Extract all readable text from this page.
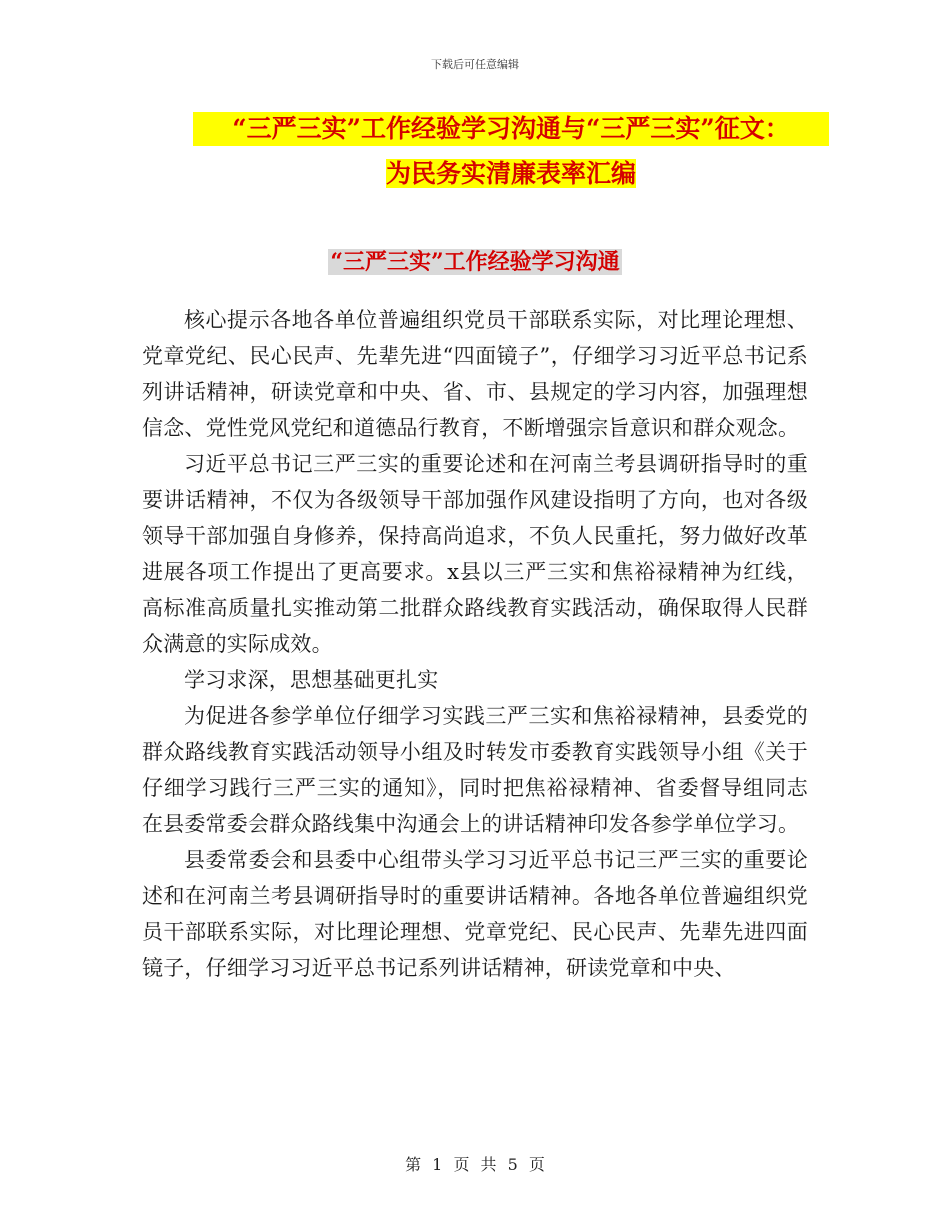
下载后可任意编辑
“三严三实”工作经验学习沟通与“三严三实”征文：
为民务实清廉表率汇编
“三严三实”工作经验学习沟通

核心提示各地各单位普遍组织党员干部联系实际，对比理论理想、党章党纪、民心民声、先辈先进“四面镜子”，仔细学习习近平总书记系列讲话精神，研读党章和中央、省、市、县规定的学习内容，加强理想信念、党性党风党纪和道德品行教育，不断增强宗旨意识和群众观念。

习近平总书记三严三实的重要论述和在河南兰考县调研指导时的重要讲话精神，不仅为各级领导干部加强作风建设指明了方向，也对各级领导干部加强自身修养，保持高尚追求，不负人民重托，努力做好改革进展各项工作提出了更高要求。x县以三严三实和焦裕禄精神为红线，高标准高质量扎实推动第二批群众路线教育实践活动，确保取得人民群众满意的实际成效。

学习求深，思想基础更扎实

为促进各参学单位仔细学习实践三严三实和焦裕禄精神，县委党的群众路线教育实践活动领导小组及时转发市委教育实践领导小组《关于仔细学习践行三严三实的通知》，同时把焦裕禄精神、省委督导组同志在县委常委会群众路线集中沟通会上的讲话精神印发各参学单位学习。

县委常委会和县委中心组带头学习习近平总书记三严三实的重要论述和在河南兰考县调研指导时的重要讲话精神。各地各单位普遍组织党员干部联系实际，对比理论理想、党章党纪、民心民声、先辈先进四面镜子，仔细学习习近平总书记系列讲话精神，研读党章和中央、

第 1 页 共 5 页
